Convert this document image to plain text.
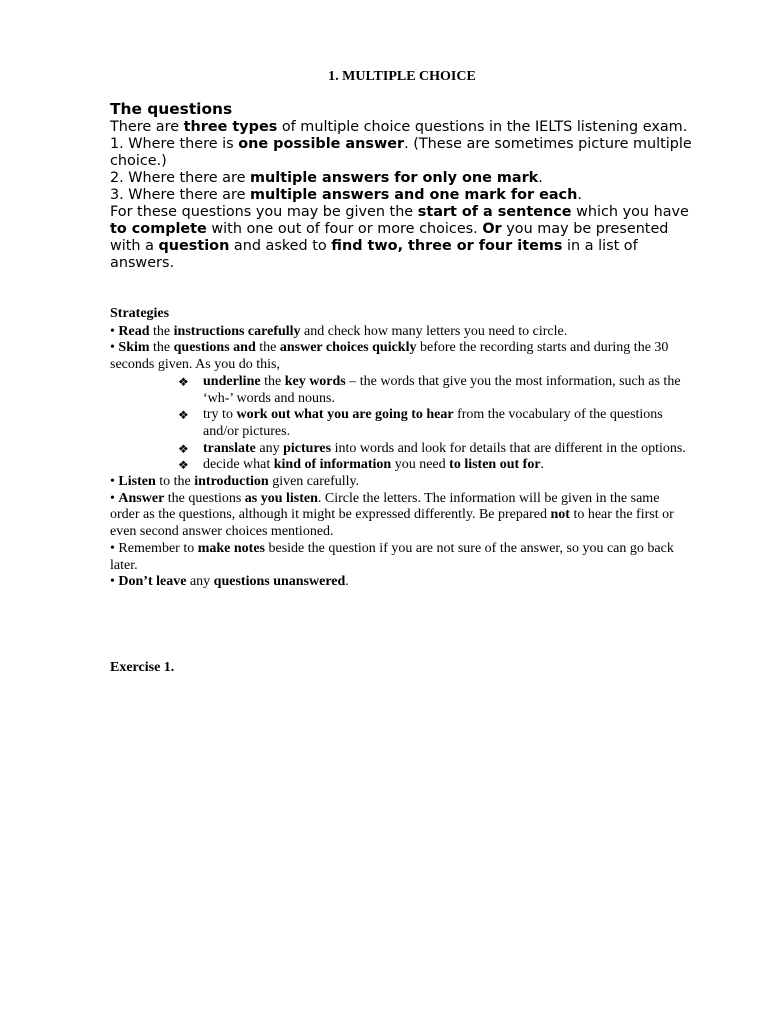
1. MULTIPLE CHOICE
The questions

There are three types of multiple choice questions in the IELTS listening exam.

1. Where there is one possible answer. (These are sometimes picture multiple choice.)

2. Where there are multiple answers for only one mark.

3. Where there are multiple answers and one mark for each.

For these questions you may be given the start of a sentence which you have to complete with one out of four or more choices. Or you may be presented with a question and asked to find two, three or four items in a list of answers.

Strategies

• Read the instructions carefully and check how many letters you need to circle.

• Skim the questions and the answer choices quickly before the recording starts and during the 30 seconds given. As you do this,

❖ underline the key words – the words that give you the most information, such as the ‘wh-’ words and nouns.

❖ try to work out what you are going to hear from the vocabulary of the questions and/or pictures.

❖ translate any pictures into words and look for details that are different in the options.

❖ decide what kind of information you need to listen out for.

• Listen to the introduction given carefully.

• Answer the questions as you listen. Circle the letters. The information will be given in the same order as the questions, although it might be expressed differently. Be prepared not to hear the first or even second answer choices mentioned.

• Remember to make notes beside the question if you are not sure of the answer, so you can go back later.

• Don’t leave any questions unanswered.

Exercise 1.
